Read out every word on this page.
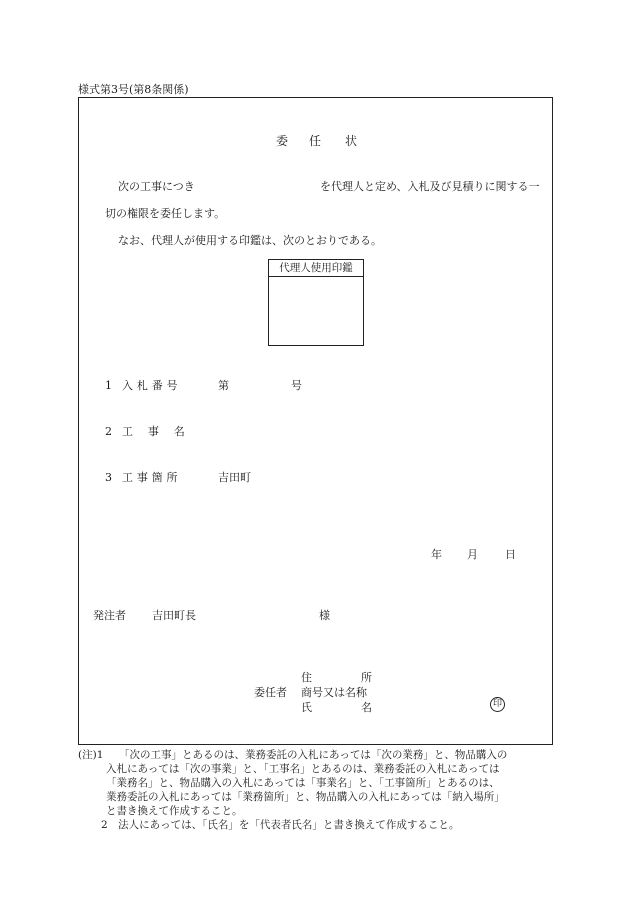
様式第3号(第8条関係)
委 任 状
次の工事につき	を代理人と定め、入札及び見積りに関する一
切の権限を委任します。
なお、代理人が使用する印鑑は、次のとおりである。
代理人使用印鑑
1 入札番号	第	号
2 工事名
3 工事箇所	吉田町
年 月 日
発注者 吉田町長	様
住	所
委任者 商号又は名称
氏	名	印
(注)1 「次の工事」とあるのは、業務委託の入札にあっては「次の業務」と、物品購入の
入札にあっては「次の事業」と、「工事名」とあるのは、業務委託の入札にあっては
「業務名」と、物品購入の入札にあっては「事業名」と、「工事箇所」とあるのは、
業務委託の入札にあっては「業務箇所」と、物品購入の入札にあっては「納入場所」
と書き換えて作成すること。
2　法人にあっては、「氏名」を「代表者氏名」と書き換えて作成すること。
